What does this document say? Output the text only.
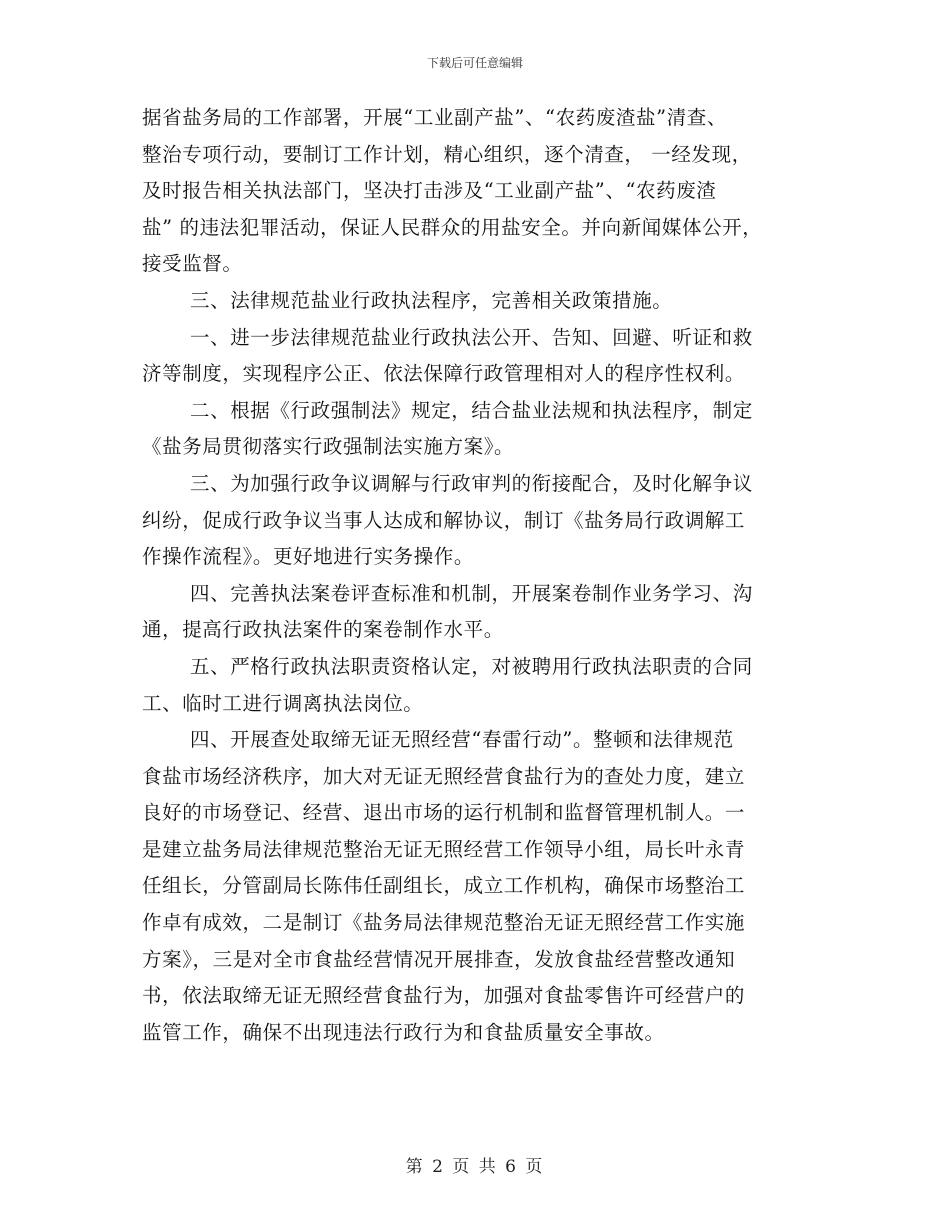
下载后可任意编辑
据省盐务局的工作部署，开展“工业副产盐”、“农药废渣盐”清查、
整治专项行动，要制订工作计划，精心组织，逐个清查， 一经发现，
及时报告相关执法部门，坚决打击涉及“工业副产盐”、“农药废渣
盐” 的违法犯罪活动，保证人民群众的用盐安全。并向新闻媒体公开，
接受监督。
三、法律规范盐业行政执法程序，完善相关政策措施。
一、进一步法律规范盐业行政执法公开、告知、回避、听证和救
济等制度，实现程序公正、依法保障行政管理相对人的程序性权利。
二、根据《行政强制法》规定，结合盐业法规和执法程序，制定
《盐务局贯彻落实行政强制法实施方案》。
三、为加强行政争议调解与行政审判的衔接配合，及时化解争议
纠纷，促成行政争议当事人达成和解协议，制订《盐务局行政调解工
作操作流程》。更好地进行实务操作。
四、完善执法案卷评查标准和机制，开展案卷制作业务学习、沟
通，提高行政执法案件的案卷制作水平。
五、严格行政执法职责资格认定，对被聘用行政执法职责的合同
工、临时工进行调离执法岗位。
四、开展查处取缔无证无照经营“春雷行动”。整顿和法律规范
食盐市场经济秩序，加大对无证无照经营食盐行为的查处力度，建立
良好的市场登记、经营、退出市场的运行机制和监督管理机制人。一
是建立盐务局法律规范整治无证无照经营工作领导小组，局长叶永青
任组长，分管副局长陈伟任副组长，成立工作机构，确保市场整治工
作卓有成效，二是制订《盐务局法律规范整治无证无照经营工作实施
方案》，三是对全市食盐经营情况开展排查，发放食盐经营整改通知
书，依法取缔无证无照经营食盐行为，加强对食盐零售许可经营户的
监管工作，确保不出现违法行政行为和食盐质量安全事故。
第 2 页 共 6 页
